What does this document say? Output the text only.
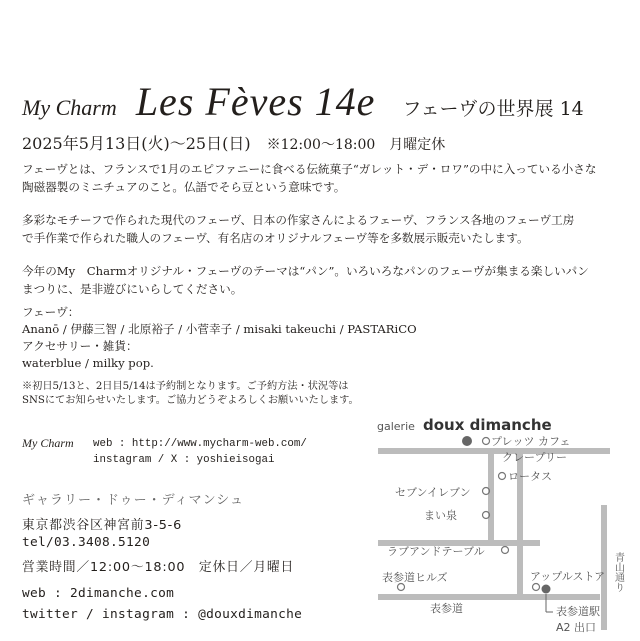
My Charm Les Fèves 14e フェーヴの世界展 14
2025年5月13日(火)〜25日(日) ※12:00〜18:00　月曜定休
フェーヴとは、フランスで1月のエピファニーに食べる伝統菓子“ガレット・デ・ロワ”の中に入っている小さな
陶磁器製のミニチュアのこと。仏語でそら豆という意味です。
多彩なモチーフで作られた現代のフェーヴ、日本の作家さんによるフェーヴ、フランス各地のフェーヴ工房
で手作業で作られた職人のフェーヴ、有名店のオリジナルフェーヴ等を多数展示販売いたします。
今年のMy　Charmオリジナル・フェーヴのテーマは“パン”。いろいろなパンのフェーヴが集まる楽しいパン
まつりに、是非遊びにいらしてください。
フェーヴ：
Ananō / 伊藤三智 / 北原裕子 / 小菅幸子 / misaki takeuchi / PASTARiCO
アクセサリー・雑貨：
waterblue / milky pop.
※初日5/13と、2日目5/14は予約制となります。ご予約方法・状況等は
SNSにてお知らせいたします。ご協力どうぞよろしくお願いいたします。
My Charm web : http://www.mycharm-web.com/
instagram / X : yoshieisogai
ギャラリー・ドゥー・ディマンシュ
東京都渋谷区神宮前3-5-6
tel/03.3408.5120
営業時間／12:00〜18:00　定休日／月曜日
web : 2dimanche.com
twitter / instagram : @douxdimanche
galerie doux dimanche
プレッツ カフェ
クレープリー
ロータス
セブンイレブン
まい泉
ラブアンドテーブル
表参道ヒルズ	アップルストア
表参道
青山通り
表参道駅
A2 出口
